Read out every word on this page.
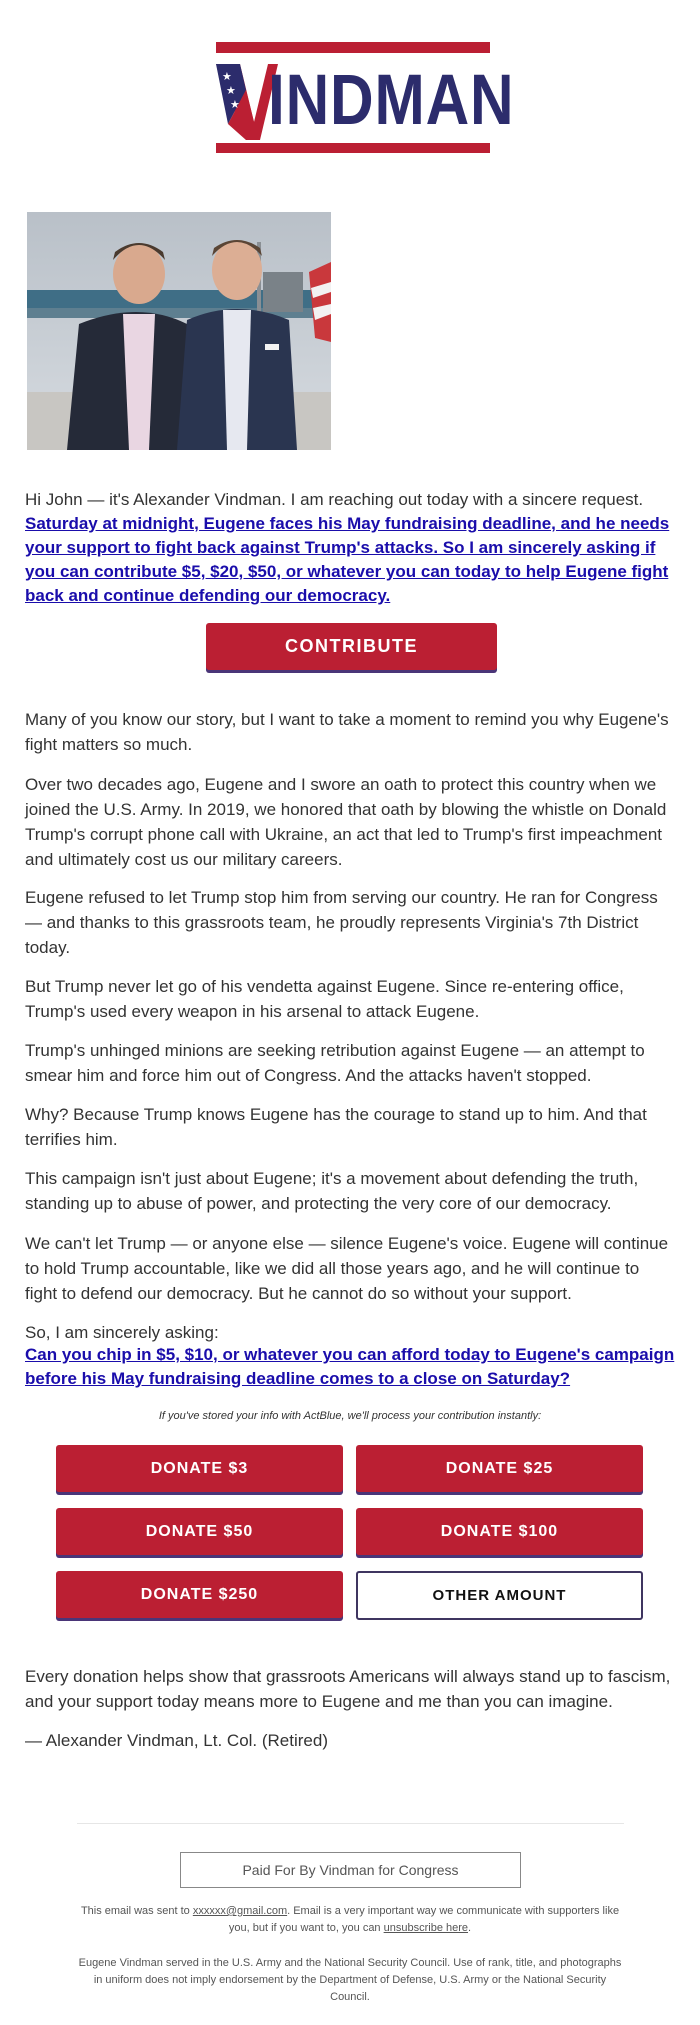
★
★
★ INDMAN

Hi John — it's Alexander Vindman. I am reaching out today with a sincere request.

Saturday at midnight, Eugene faces his May fundraising deadline, and he needs your support to fight back against Trump's attacks. So I am sincerely asking if you can contribute $5, $20, $50, or whatever you can today to help Eugene fight back and continue defending our democracy.
CONTRIBUTE

Many of you know our story, but I want to take a moment to remind you why Eugene's fight matters so much.

Over two decades ago, Eugene and I swore an oath to protect this country when we joined the U.S. Army. In 2019, we honored that oath by blowing the whistle on Donald Trump's corrupt phone call with Ukraine, an act that led to Trump's first impeachment and ultimately cost us our military careers.

Eugene refused to let Trump stop him from serving our country. He ran for Congress — and thanks to this grassroots team, he proudly represents Virginia's 7th District today.

But Trump never let go of his vendetta against Eugene. Since re-entering office, Trump's used every weapon in his arsenal to attack Eugene.

Trump's unhinged minions are seeking retribution against Eugene — an attempt to smear him and force him out of Congress. And the attacks haven't stopped.

Why? Because Trump knows Eugene has the courage to stand up to him. And that terrifies him.

This campaign isn't just about Eugene; it's a movement about defending the truth, standing up to abuse of power, and protecting the very core of our democracy.

We can't let Trump — or anyone else — silence Eugene's voice. Eugene will continue to hold Trump accountable, like we did all those years ago, and he will continue to fight to defend our democracy. But he cannot do so without your support.

So, I am sincerely asking:

Can you chip in $5, $10, or whatever you can afford today to Eugene's campaign before his May fundraising deadline comes to a close on Saturday?
If you've stored your info with ActBlue, we'll process your contribution instantly:
DONATE $3	DONATE $25
DONATE $50	DONATE $100
DONATE $250	OTHER AMOUNT

Every donation helps show that grassroots Americans will always stand up to fascism, and your support today means more to Eugene and me than you can imagine.

— Alexander Vindman, Lt. Col. (Retired)

Paid For By Vindman for Congress
This email was sent to xxxxxx@gmail.com. Email is a very important way we communicate with supporters like you, but if you want to, you can unsubscribe here.
Eugene Vindman served in the U.S. Army and the National Security Council. Use of rank, title, and photographs in uniform does not imply endorsement by the Department of Defense, U.S. Army or the National Security Council.
